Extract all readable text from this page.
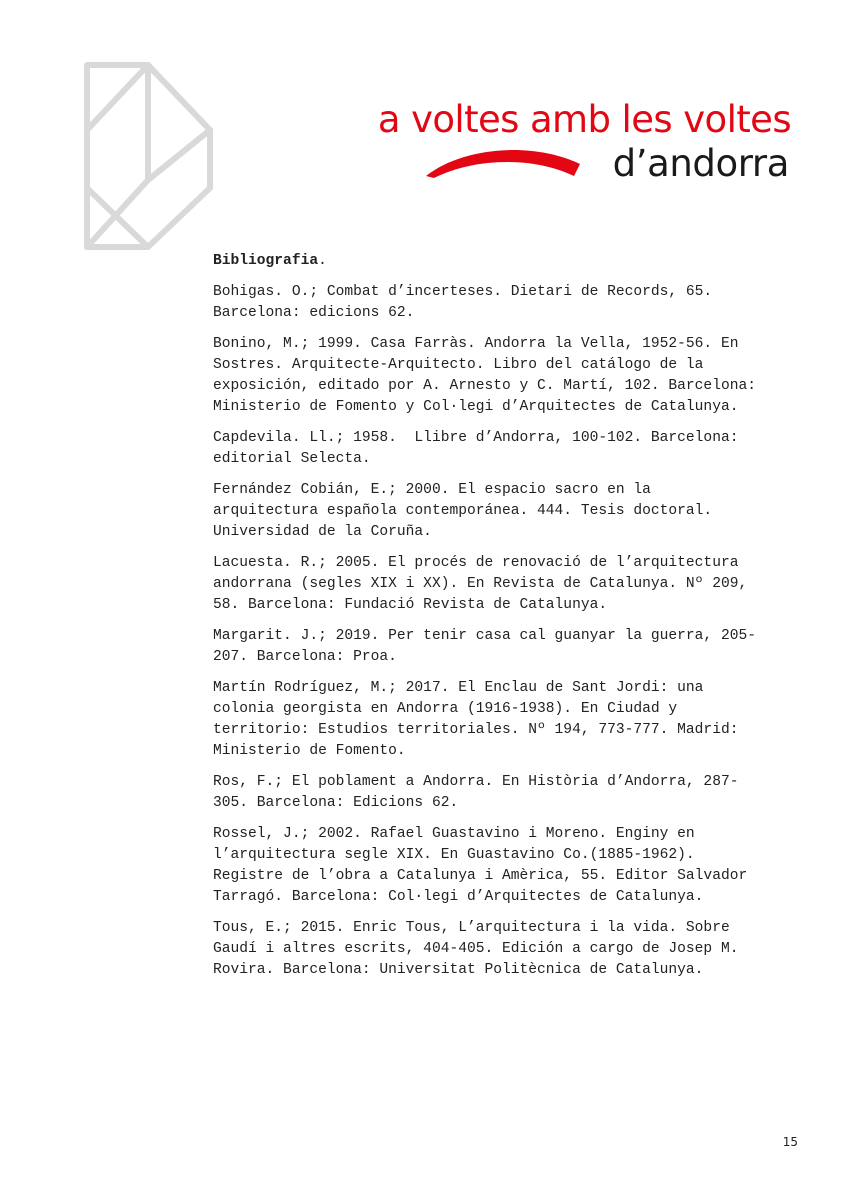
a voltes amb les voltes
d’andorra
Bibliografia.
Bohigas. O.; Combat d’incerteses. Dietari de Records, 65.
Barcelona: edicions 62.
Bonino, M.; 1999. Casa Farràs. Andorra la Vella, 1952-56. En
Sostres. Arquitecte-Arquitecto. Libro del catálogo de la
exposición, editado por A. Arnesto y C. Martí, 102. Barcelona:
Ministerio de Fomento y Col·legi d’Arquitectes de Catalunya.
Capdevila. Ll.; 1958.  Llibre d’Andorra, 100-102. Barcelona:
editorial Selecta.
Fernández Cobián, E.; 2000. El espacio sacro en la
arquitectura española contemporánea. 444. Tesis doctoral.
Universidad de la Coruña.
Lacuesta. R.; 2005. El procés de renovació de l’arquitectura
andorrana (segles XIX i XX). En Revista de Catalunya. Nº 209,
58. Barcelona: Fundació Revista de Catalunya.
Margarit. J.; 2019. Per tenir casa cal guanyar la guerra, 205-
207. Barcelona: Proa.
Martín Rodríguez, M.; 2017. El Enclau de Sant Jordi: una
colonia georgista en Andorra (1916-1938). En Ciudad y
territorio: Estudios territoriales. Nº 194, 773-777. Madrid:
Ministerio de Fomento.
Ros, F.; El poblament a Andorra. En Història d’Andorra, 287-
305. Barcelona: Edicions 62.
Rossel, J.; 2002. Rafael Guastavino i Moreno. Enginy en
l’arquitectura segle XIX. En Guastavino Co.(1885-1962).
Registre de l’obra a Catalunya i Amèrica, 55. Editor Salvador
Tarragó. Barcelona: Col·legi d’Arquitectes de Catalunya.
Tous, E.; 2015. Enric Tous, L’arquitectura i la vida. Sobre
Gaudí i altres escrits, 404-405. Edición a cargo de Josep M.
Rovira. Barcelona: Universitat Politècnica de Catalunya.
15
